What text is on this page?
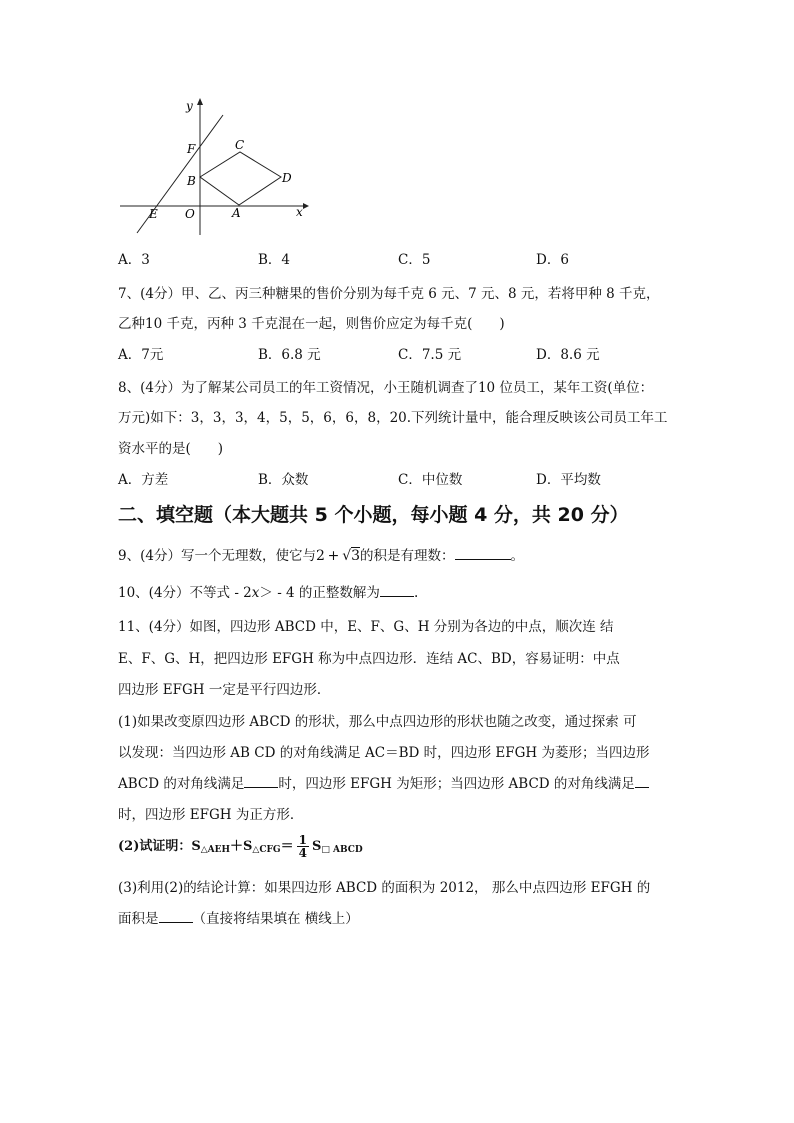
y
x
F	C
B	D
E O	A
A．3	B．4	C．5	D．6
7、(4分）甲、乙、丙三种糖果的售价分别为每千克 6 元、7 元、8 元，若将甲种 8 千克，
乙种10 千克，丙种 3 千克混在一起，则售价应定为每千克(　　)
A．7元	B．6.8 元	C．7.5 元	D．8.6 元
8、(4分）为了解某公司员工的年工资情况，小王随机调查了10 位员工，某年工资(单位：
万元)如下：3，3，3，4，5，5，6，6，8，20.下列统计量中，能合理反映该公司员工年工
资水平的是(　　)
A．方差	B．众数	C．中位数	D．平均数
二、填空题（本大题共 5 个小题，每小题 4 分，共 20 分）
9、(4分）写一个无理数，使它与2  +  √3的积是有理数：	。
10、(4分）不等式 - 2x＞ - 4 的正整数解为	.
11、(4分）如图，四边形 ABCD 中，E、F、G、H 分别为各边的中点，顺次连 结
E、F、G、H，把四边形 EFGH 称为中点四边形．连结 AC、BD，容易证明：中点
四边形 EFGH 一定是平行四边形．
(1)如果改变原四边形 ABCD 的形状，那么中点四边形的形状也随之改变，通过探索 可
以发现：当四边形 AB CD 的对角线满足 AC＝BD 时，四边形 EFGH 为菱形；当四边形
ABCD 的对角线满足	时，四边形 EFGH 为矩形；当四边形 ABCD 的对角线满足
时，四边形 EFGH 为正方形．
(2)试证明：$S_{\triangle AEH}+S_{\triangle CFG}= \frac{1}{4} S_{□ ABCD}$
(3)利用(2)的结论计算：如果四边形 ABCD 的面积为 2012， 那么中点四边形 EFGH 的
面积是	（直接将结果填在 横线上）
